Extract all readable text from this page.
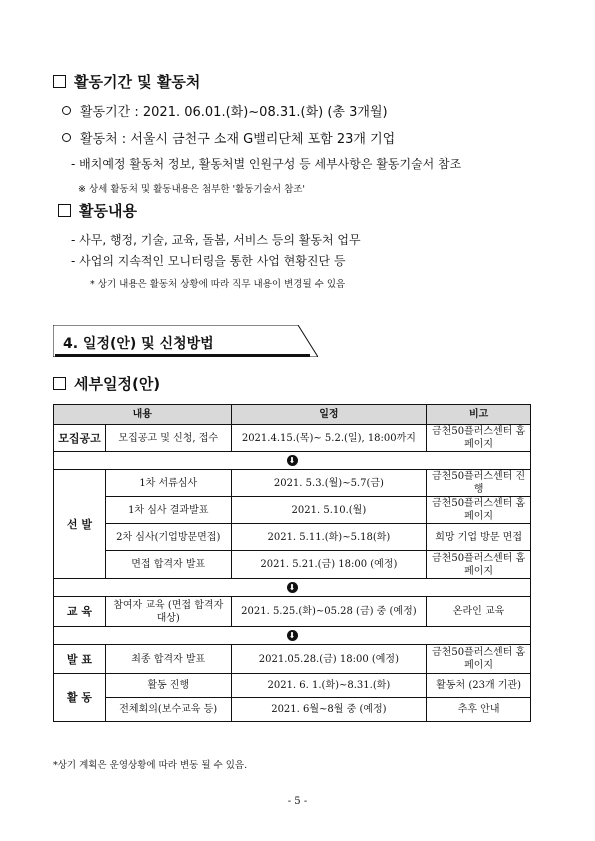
활동기간 및 활동처
활동기간 : 2021. 06.01.(화)~08.31.(화) (총 3개월)
활동처 : 서울시 금천구 소재 G밸리단체 포함 23개 기업
- 배치예정 활동처 정보, 활동처별 인원구성 등 세부사항은 활동기술서 참조
※ 상세 활동처 및 활동내용은 첨부한 '활동기술서 참조'
활동내용
- 사무, 행정, 기술, 교육, 돌봄, 서비스 등의 활동처 업무
- 사업의 지속적인 모니터링을 통한 사업 현황진단 등
* 상기 내용은 활동처 상황에 따라 직무 내용이 변경될 수 있음
4. 일정(안) 및 신청방법
세부일정(안)
내용		일정	비고
모집공고	모집공고 및 신청, 접수	2021.4.15.(목)~ 5.2.(일), 18:00까지	금천50플러스센터 홈페이지
⬇			
선 발	1차 서류심사	2021. 5.3.(월)~5.7(금)	금천50플러스센터 진행
	1차 심사 결과발표	2021. 5.10.(월)	금천50플러스센터 홈페이지
	2차 심사(기업방문면접)	2021. 5.11.(화)~5.18(화)	희망 기업 방문 면접
	면접 합격자 발표	2021. 5.21.(금) 18:00 (예정)	금천50플러스센터 홈페이지
⬇			
교 육	참여자 교육 (면접 합격자 대상)	2021. 5.25.(화)~05.28 (금) 중 (예정)	온라인 교육
⬇			
발 표	최종 합격자 발표	2021.05.28.(금) 18:00 (예정)	금천50플러스센터 홈페이지
활 동	활동 진행	2021. 6. 1.(화)~8.31.(화)	활동처 (23개 기관)
	전체회의(보수교육 등)	2021. 6월~8월 중 (예정)	추후 안내
*상기 계획은 운영상황에 따라 변동 될 수 있음.
- 5 -
